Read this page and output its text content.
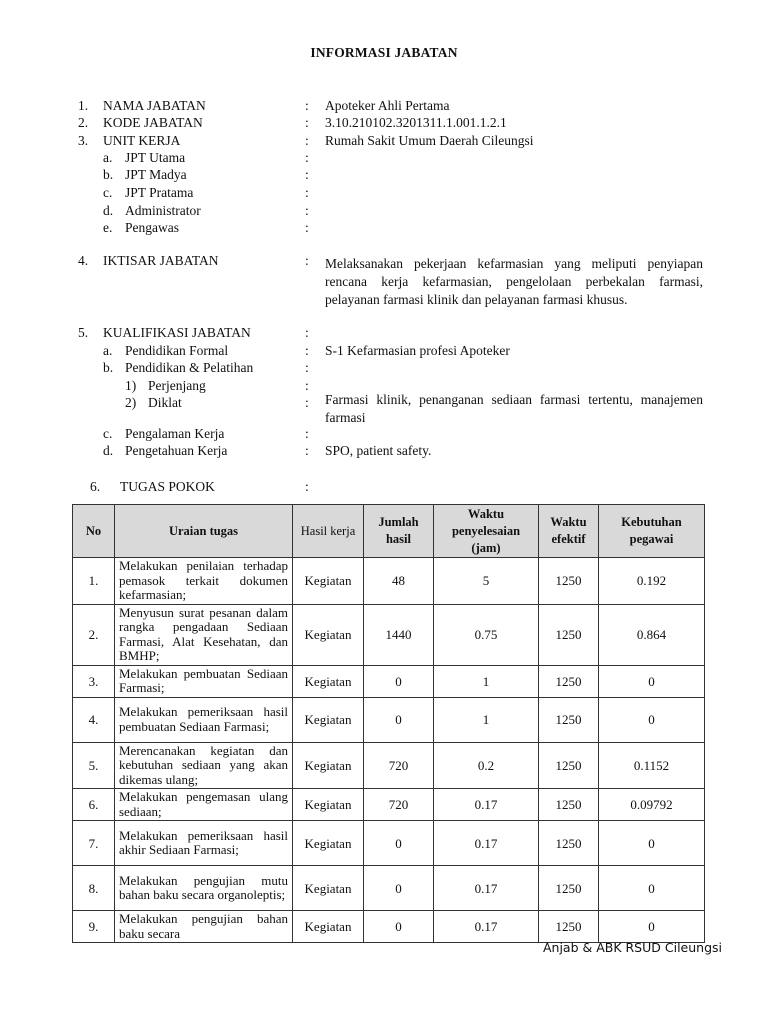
INFORMASI JABATAN
1. NAMA JABATAN	: Apoteker Ahli Pertama
2. KODE JABATAN	: 3.10.210102.3201311.1.001.1.2.1
3. UNIT KERJA	: Rumah Sakit Umum Daerah Cileungsi
a. JPT Utama	:
b. JPT Madya	:
c. JPT Pratama	:
d. Administrator	:
e. Pengawas	:
4. IKTISAR JABATAN	: Melaksanakan pekerjaan kefarmasian yang meliputi penyiapan rencana kerja kefarmasian, pengelolaan perbekalan farmasi, pelayanan farmasi klinik dan pelayanan farmasi khusus.
5. KUALIFIKASI JABATAN	:
a. Pendidikan Formal	: S-1 Kefarmasian profesi Apoteker
b. Pendidikan & Pelatihan	:
1) Perjenjang	:
2) Diklat	: Farmasi klinik, penanganan sediaan farmasi tertentu, manajemen farmasi
c. Pengalaman Kerja	:
d. Pengetahuan Kerja	: SPO, patient safety.
6. TUGAS POKOK	:
No	Uraian tugas	Hasil kerja	Jumlah hasil	Waktu penyelesaian (jam)	Waktu efektif	Kebutuhan pegawai
1.	Melakukan penilaian terhadap pemasok terkait dokumen kefarmasian;	Kegiatan	48	5	1250	0.192
2.	Menyusun surat pesanan dalam rangka pengadaan Sediaan Farmasi, Alat Kesehatan, dan BMHP;	Kegiatan	1440	0.75	1250	0.864
3.	Melakukan pembuatan Sediaan Farmasi;	Kegiatan	0	1	1250	0
4.	Melakukan pemeriksaan hasil pembuatan Sediaan Farmasi;	Kegiatan	0	1	1250	0
5.	Merencanakan kegiatan dan kebutuhan sediaan yang akan dikemas ulang;	Kegiatan	720	0.2	1250	0.1152
6.	Melakukan pengemasan ulang sediaan;	Kegiatan	720	0.17	1250	0.09792
7.	Melakukan pemeriksaan hasil akhir Sediaan Farmasi;	Kegiatan	0	0.17	1250	0
8.	Melakukan pengujian mutu bahan baku secara organoleptis;	Kegiatan	0	0.17	1250	0
9.	Melakukan pengujian bahan baku secara	Kegiatan	0	0.17	1250	0
Anjab & ABK RSUD Cileungsi
